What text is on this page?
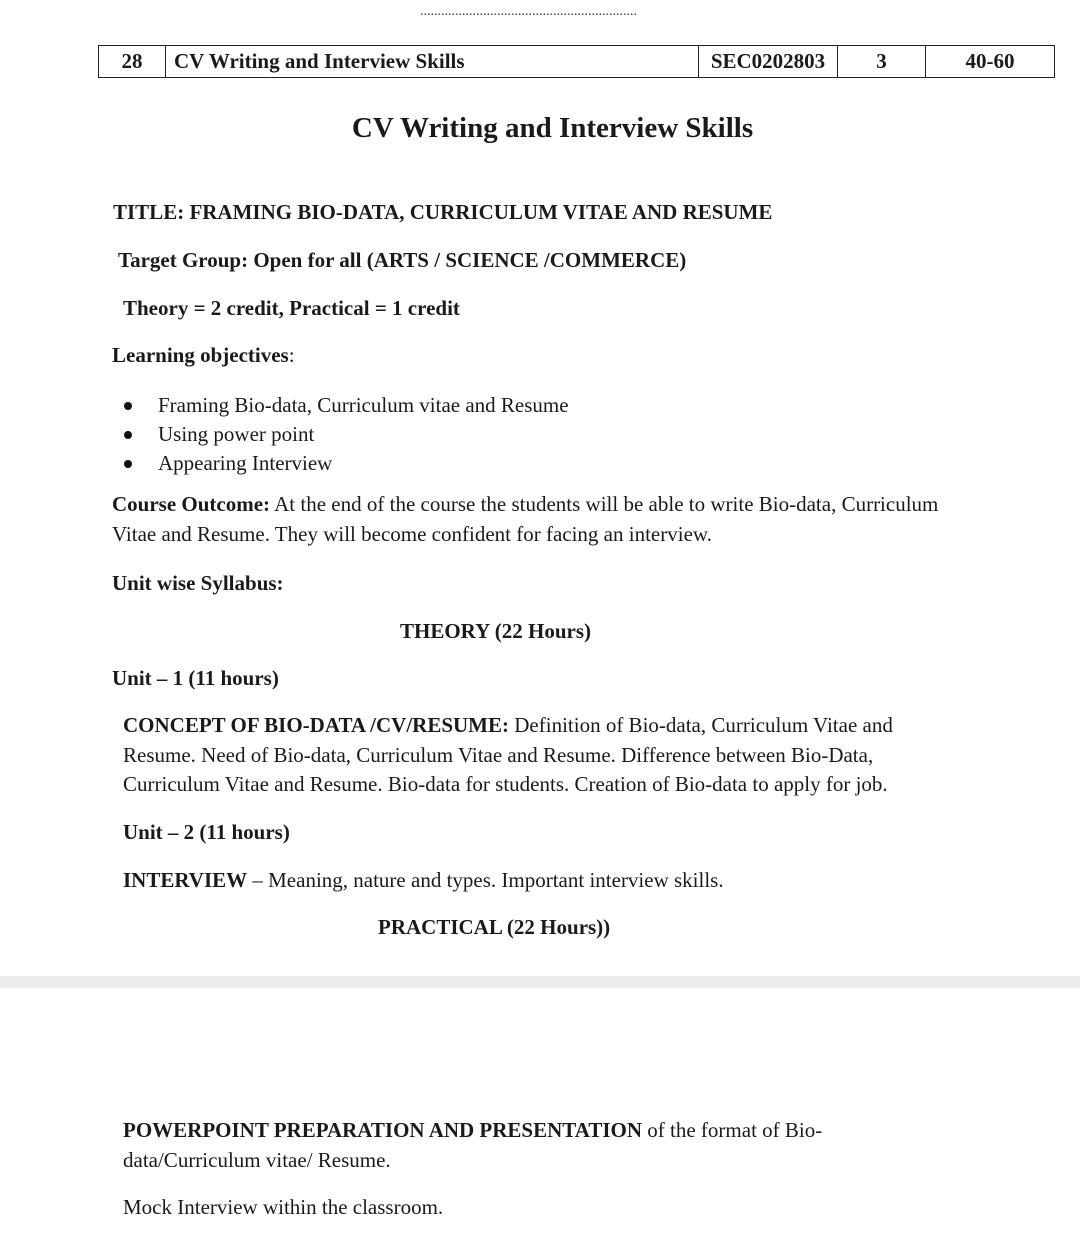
..............................................................
28	CV Writing and Interview Skills	SEC0202803	3	40-60
CV Writing and Interview Skills
TITLE: FRAMING BIO-DATA, CURRICULUM VITAE AND RESUME
Target Group: Open for all (ARTS / SCIENCE /COMMERCE)
Theory = 2 credit, Practical = 1 credit
Learning objectives:
Framing Bio-data, Curriculum vitae and Resume
Using power point
Appearing Interview
Course Outcome: At the end of the course the students will be able to write Bio-data, Curriculum
Vitae and Resume. They will become confident for facing an interview.
Unit wise Syllabus:
THEORY (22 Hours)
Unit – 1 (11 hours)
CONCEPT OF BIO-DATA /CV/RESUME: Definition of Bio-data, Curriculum Vitae and
Resume. Need of Bio-data, Curriculum Vitae and Resume. Difference between Bio-Data,
Curriculum Vitae and Resume. Bio-data for students. Creation of Bio-data to apply for job.
Unit – 2 (11 hours)
INTERVIEW – Meaning, nature and types. Important interview skills.
PRACTICAL (22 Hours))
POWERPOINT PREPARATION AND PRESENTATION of the format of Bio-
data/Curriculum vitae/ Resume.
Mock Interview within the classroom.
